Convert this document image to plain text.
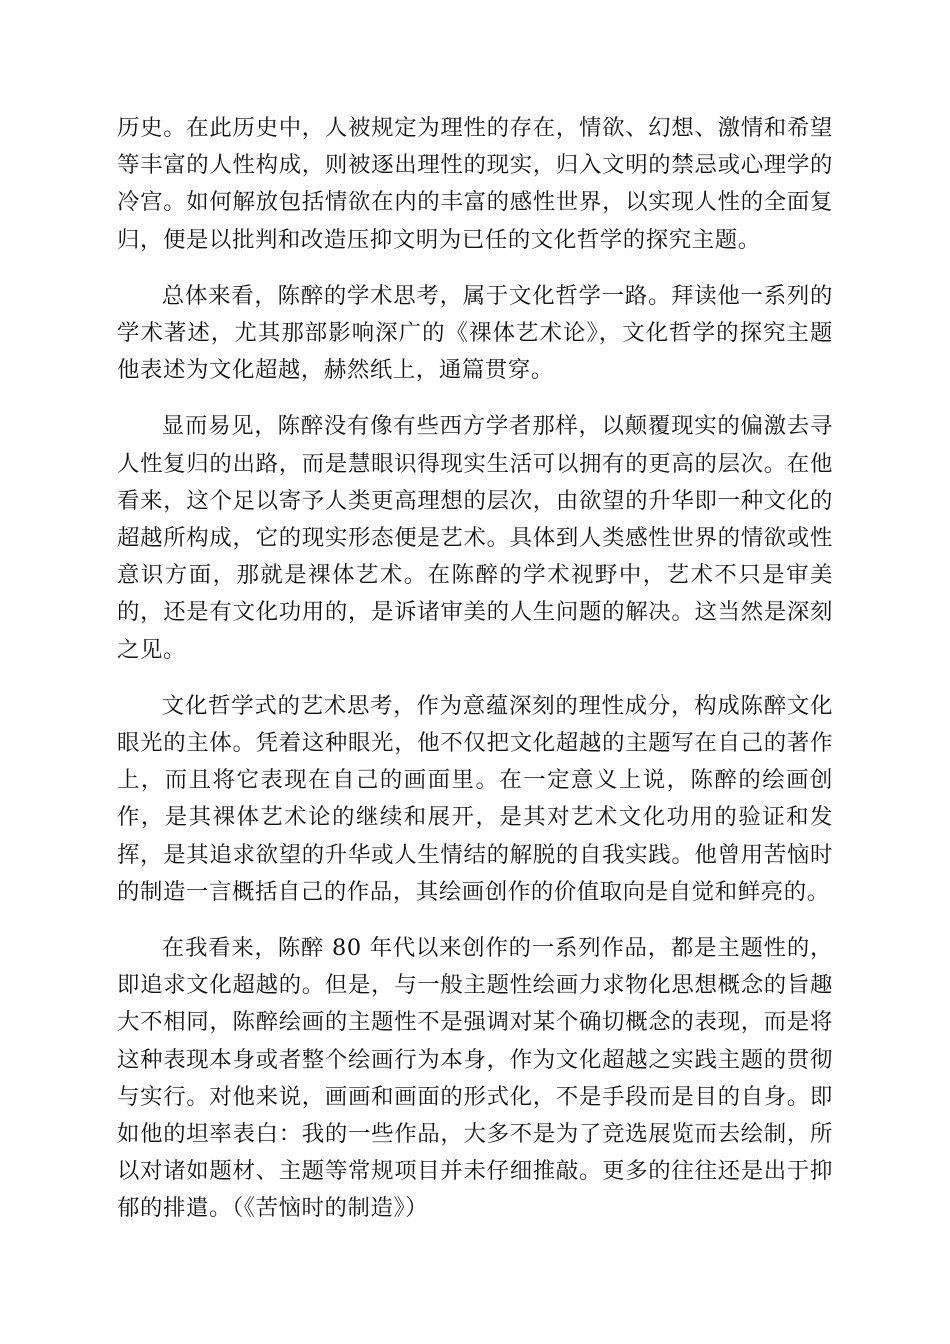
历史。在此历史中，人被规定为理性的存在，情欲、幻想、激情和希望等丰富的人性构成，则被逐出理性的现实，归入文明的禁忌或心理学的冷宫。如何解放包括情欲在内的丰富的感性世界，以实现人性的全面复归，便是以批判和改造压抑文明为已任的文化哲学的探究主题。

总体来看，陈醉的学术思考，属于文化哲学一路。拜读他一系列的学术著述，尤其那部影响深广的《裸体艺术论》，文化哲学的探究主题他表述为文化超越，赫然纸上，通篇贯穿。

显而易见，陈醉没有像有些西方学者那样，以颠覆现实的偏激去寻人性复归的出路，而是慧眼识得现实生活可以拥有的更高的层次。在他看来，这个足以寄予人类更高理想的层次，由欲望的升华即一种文化的超越所构成，它的现实形态便是艺术。具体到人类感性世界的情欲或性意识方面，那就是裸体艺术。在陈醉的学术视野中，艺术不只是审美的，还是有文化功用的，是诉诸审美的人生问题的解决。这当然是深刻之见。

文化哲学式的艺术思考，作为意蕴深刻的理性成分，构成陈醉文化眼光的主体。凭着这种眼光，他不仅把文化超越的主题写在自己的著作上，而且将它表现在自己的画面里。在一定意义上说，陈醉的绘画创作，是其裸体艺术论的继续和展开，是其对艺术文化功用的验证和发挥，是其追求欲望的升华或人生情结的解脱的自我实践。他曾用苦恼时的制造一言概括自己的作品，其绘画创作的价值取向是自觉和鲜亮的。

在我看来，陈醉 80 年代以来创作的一系列作品，都是主题性的，即追求文化超越的。但是，与一般主题性绘画力求物化思想概念的旨趣大不相同，陈醉绘画的主题性不是强调对某个确切概念的表现，而是将这种表现本身或者整个绘画行为本身，作为文化超越之实践主题的贯彻与实行。对他来说，画画和画面的形式化，不是手段而是目的自身。即如他的坦率表白：我的一些作品，大多不是为了竞选展览而去绘制，所以对诸如题材、主题等常规项目并未仔细推敲。更多的往往还是出于抑郁的排遣。（《苦恼时的制造》）
